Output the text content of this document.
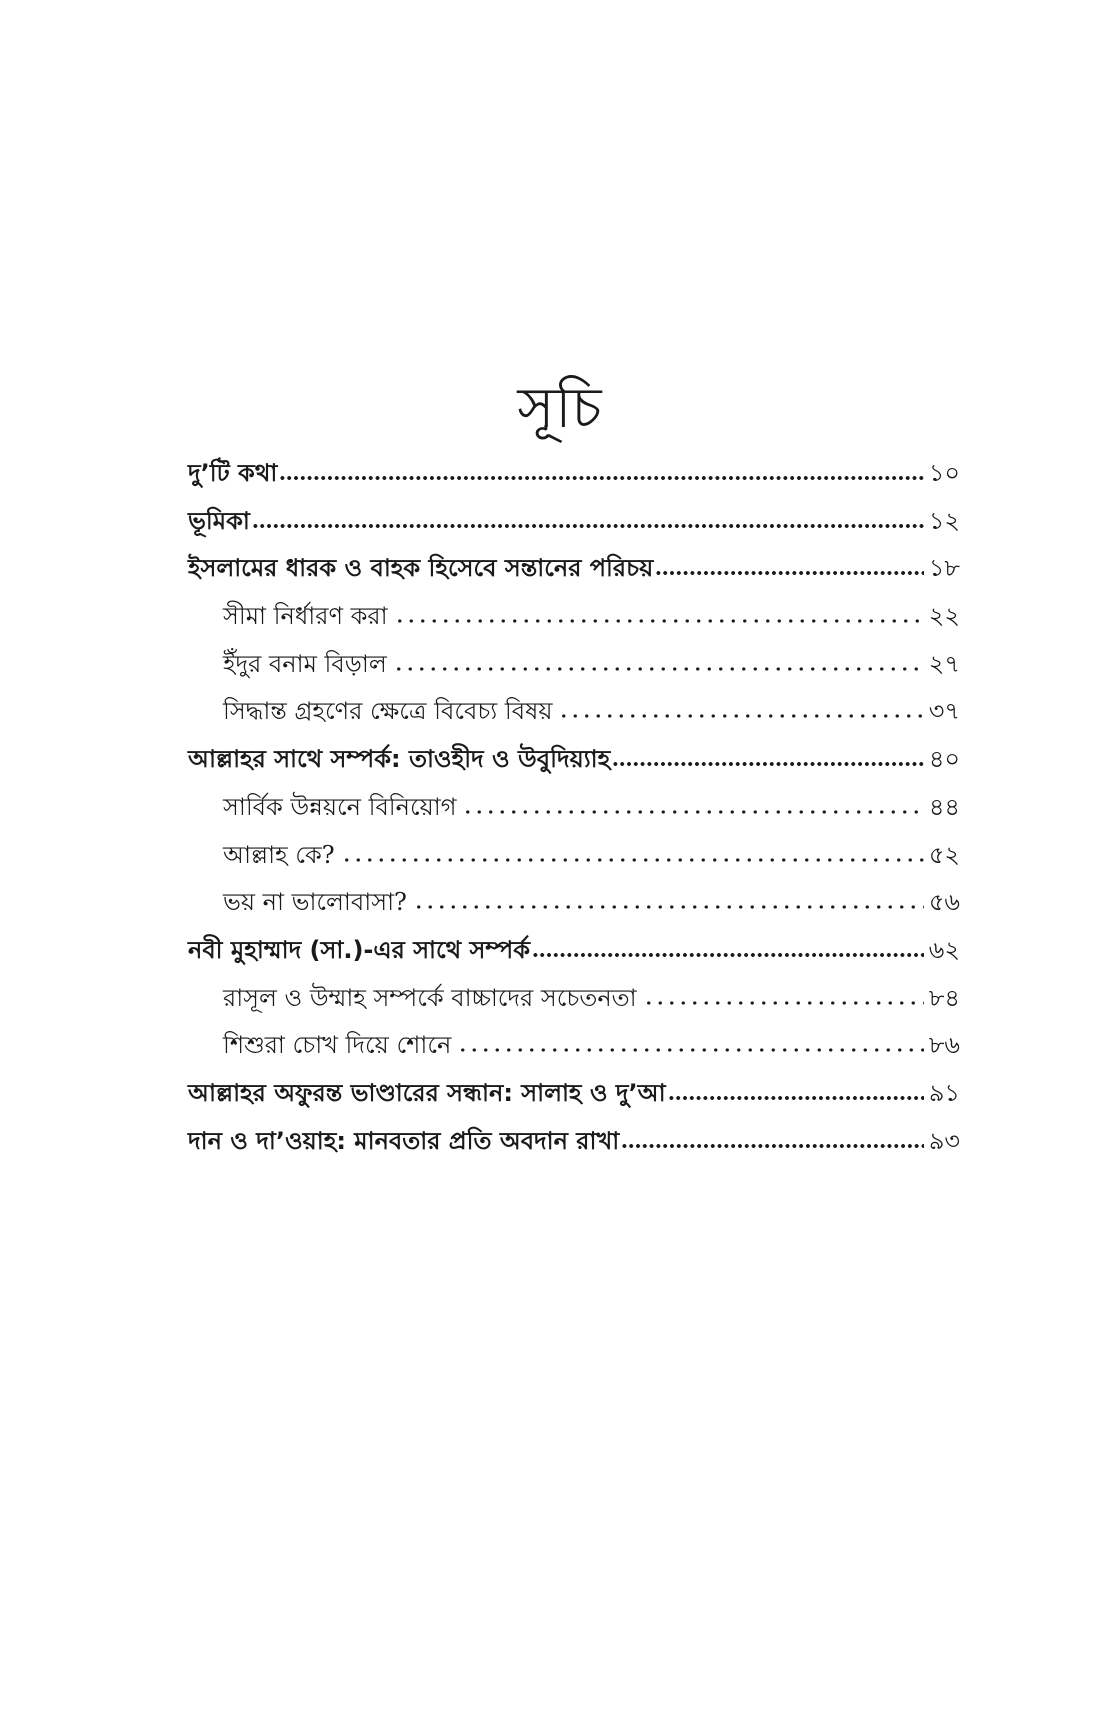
সূচি
দু’টি কথা	১০
ভূমিকা	১২
ইসলামের ধারক ও বাহক হিসেবে সন্তানের পরিচয়	১৮
সীমা নির্ধারণ করা	২২
ইঁদুর বনাম বিড়াল	২৭
সিদ্ধান্ত গ্রহণের ক্ষেত্রে বিবেচ্য বিষয়	৩৭
আল্লাহর সাথে সম্পর্ক: তাওহীদ ও উবুদিয়্যাহ	৪০
সার্বিক উন্নয়নে বিনিয়োগ	৪৪
আল্লাহ কে?	৫২
ভয় না ভালোবাসা?	৫৬
নবী মুহাম্মাদ (সা.)-এর সাথে সম্পর্ক	৬২
রাসূল ও উম্মাহ সম্পর্কে বাচ্চাদের সচেতনতা	৮৪
শিশুরা চোখ দিয়ে শোনে	৮৬
আল্লাহর অফুরন্ত ভাণ্ডারের সন্ধান: সালাহ ও দু’আ	৯১
দান ও দা’ওয়াহ: মানবতার প্রতি অবদান রাখা	৯৩
